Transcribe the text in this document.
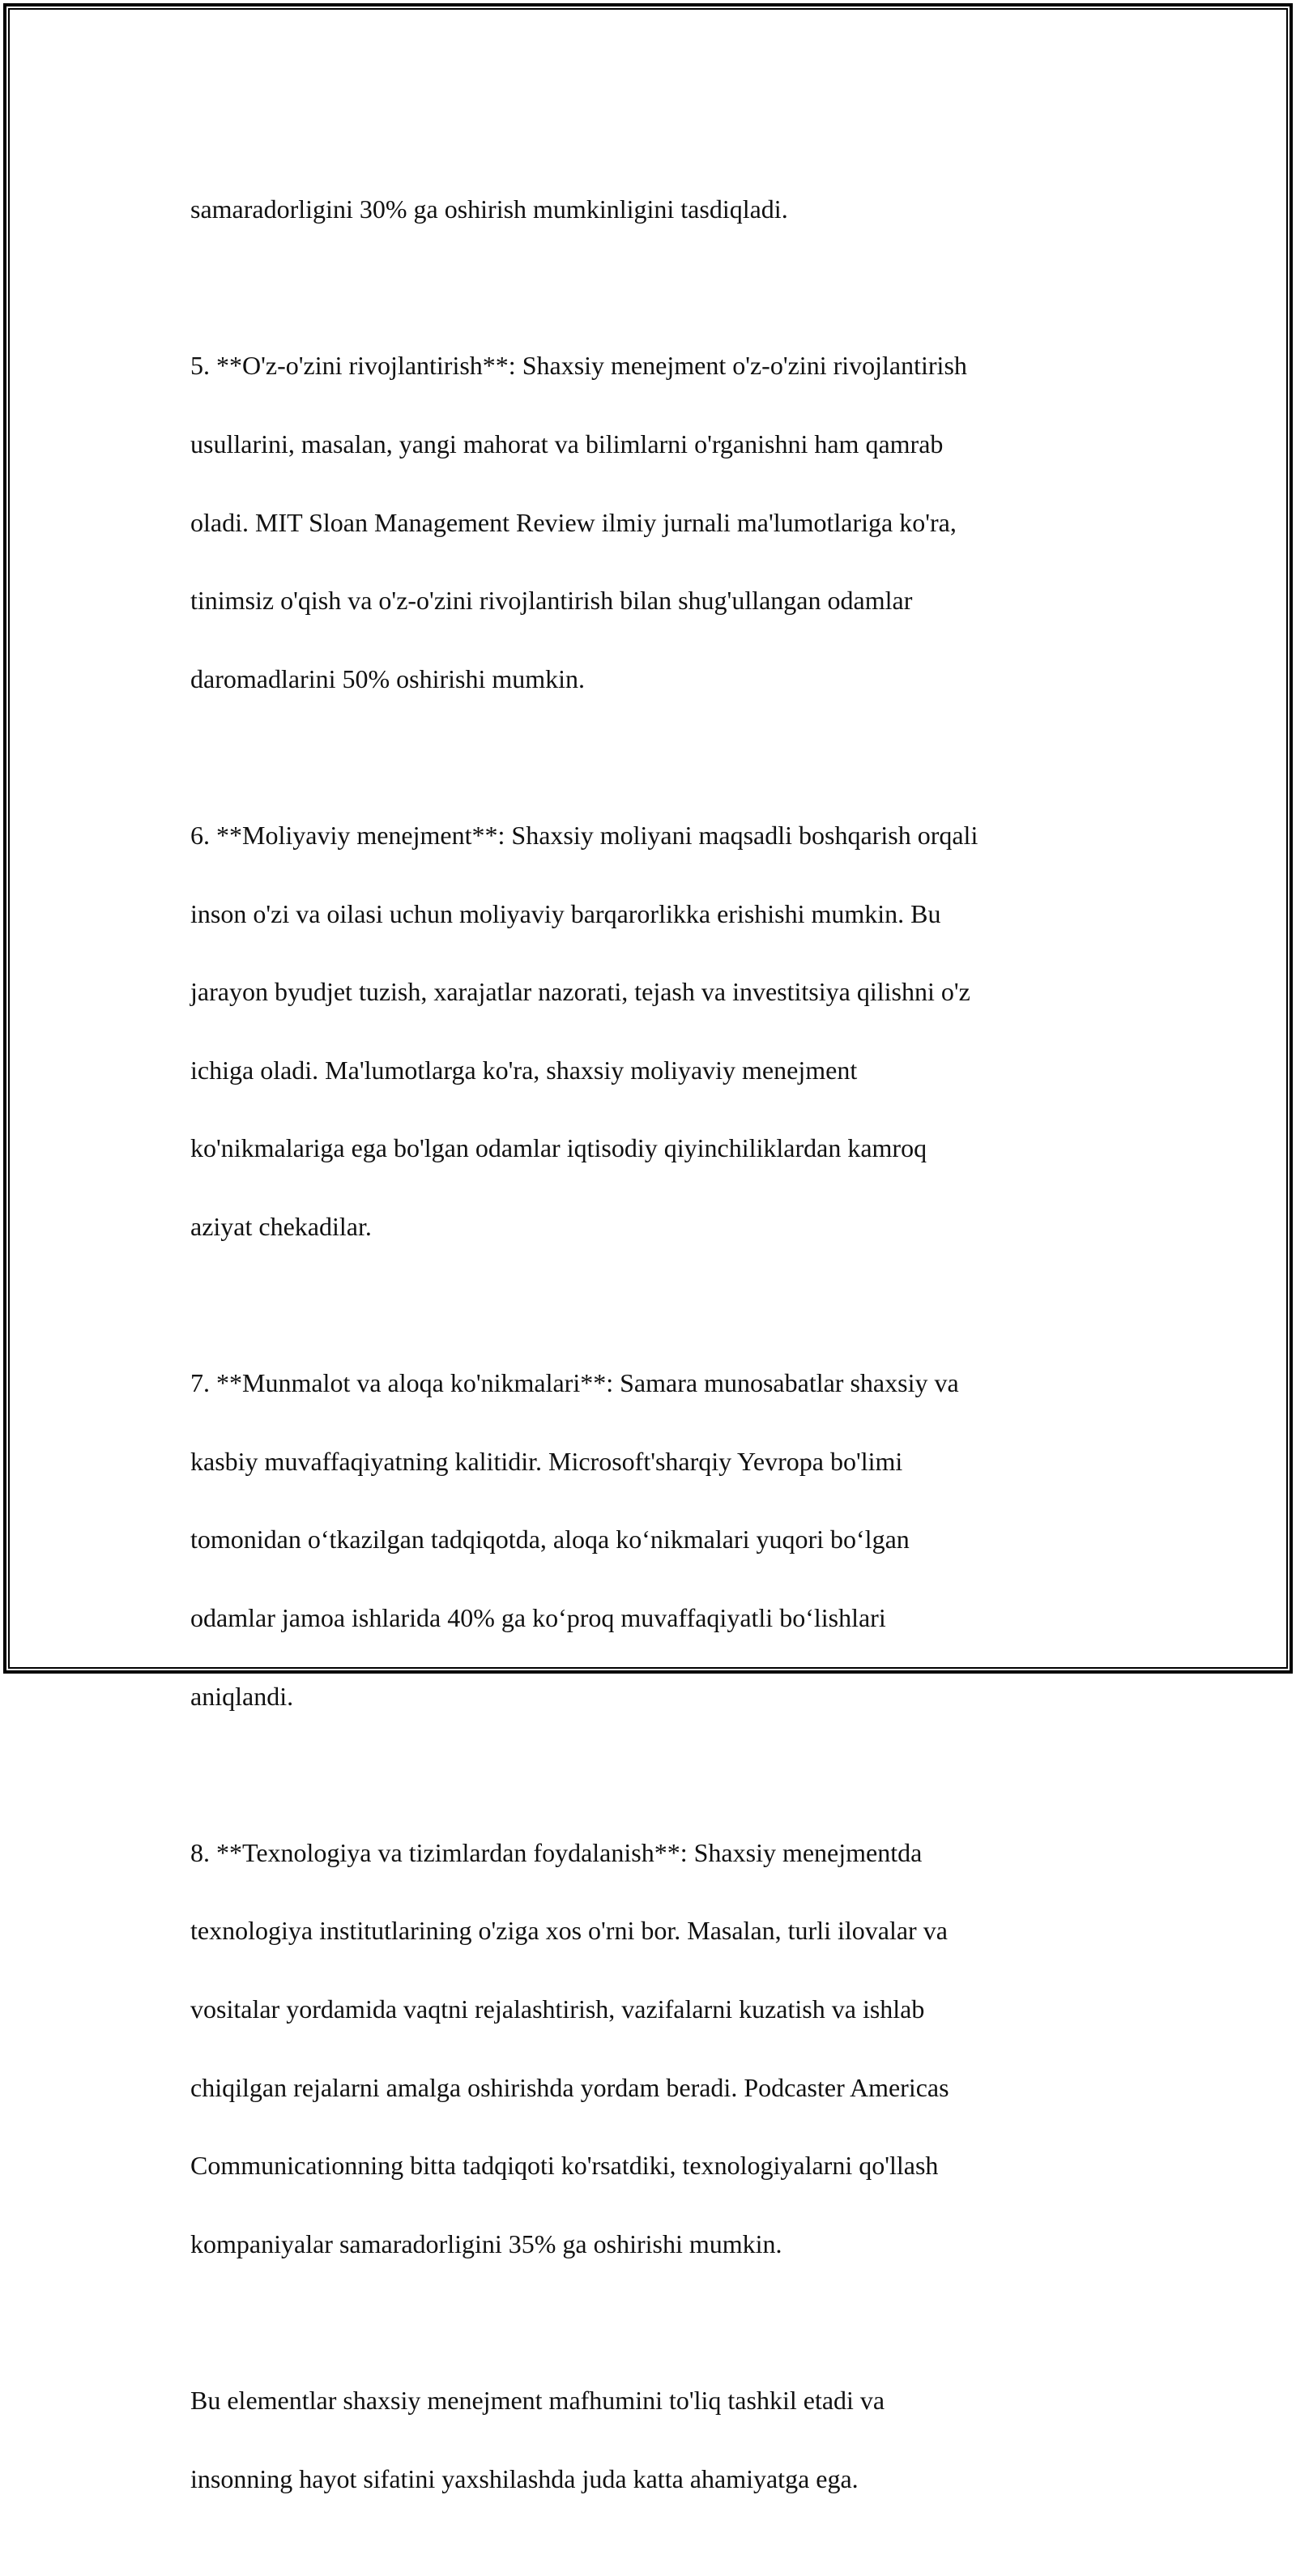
samaradorligini 30% ga oshirish mumkinligini tasdiqladi.

5. **O'z-o'zini rivojlantirish**: Shaxsiy menejment o'z-o'zini rivojlantirish

usullarini, masalan, yangi mahorat va bilimlarni o'rganishni ham qamrab

oladi. MIT Sloan Management Review ilmiy jurnali ma'lumotlariga ko'ra,

tinimsiz o'qish va o'z-o'zini rivojlantirish bilan shug'ullangan odamlar

daromadlarini 50% oshirishi mumkin.

6. **Moliyaviy menejment**: Shaxsiy moliyani maqsadli boshqarish orqali

inson o'zi va oilasi uchun moliyaviy barqarorlikka erishishi mumkin. Bu

jarayon byudjet tuzish, xarajatlar nazorati, tejash va investitsiya qilishni o'z

ichiga oladi. Ma'lumotlarga ko'ra, shaxsiy moliyaviy menejment

ko'nikmalariga ega bo'lgan odamlar iqtisodiy qiyinchiliklardan kamroq

aziyat chekadilar.

7. **Munmalot va aloqa ko'nikmalari**: Samara munosabatlar shaxsiy va

kasbiy muvaffaqiyatning kalitidir. Microsoft'sharqiy Yevropa bo'limi

tomonidan o‘tkazilgan tadqiqotda, aloqa ko‘nikmalari yuqori bo‘lgan

odamlar jamoa ishlarida 40% ga ko‘proq muvaffaqiyatli bo‘lishlari

aniqlandi.

8. **Texnologiya va tizimlardan foydalanish**: Shaxsiy menejmentda

texnologiya institutlarining o'ziga xos o'rni bor. Masalan, turli ilovalar va

vositalar yordamida vaqtni rejalashtirish, vazifalarni kuzatish va ishlab

chiqilgan rejalarni amalga oshirishda yordam beradi. Podcaster Americas

Communicationning bitta tadqiqoti ko'rsatdiki, texnologiyalarni qo'llash

kompaniyalar samaradorligini 35% ga oshirishi mumkin.

Bu elementlar shaxsiy menejment mafhumini to'liq tashkil etadi va

insonning hayot sifatini yaxshilashda juda katta ahamiyatga ega.
